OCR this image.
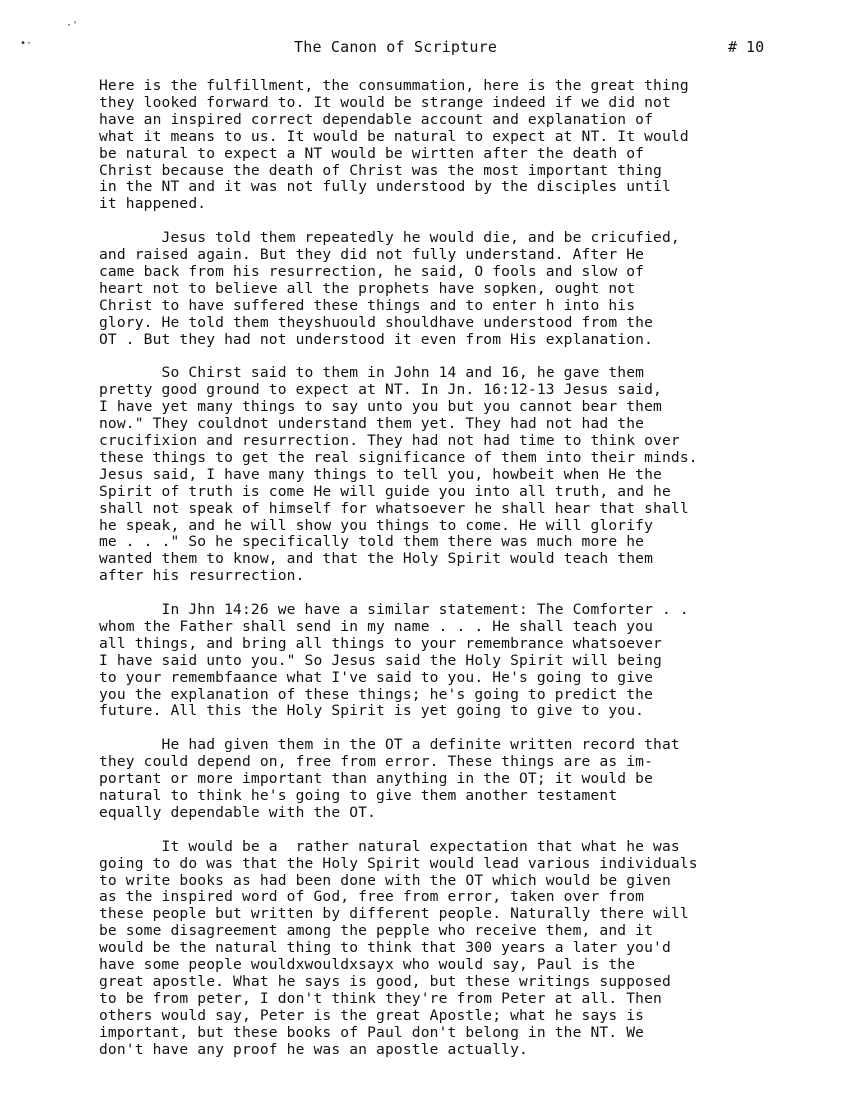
•·
·'
The Canon of Scripture	# 10
Here is the fulfillment, the consummation, here is the great thing
they looked forward to. It would be strange indeed if we did not
have an inspired correct dependable account and explanation of
what it means to us. It would be natural to expect at NT. It would
be natural to expect a NT would be wirtten after the death of
Christ because the death of Christ was the most important thing
in the NT and it was not fully understood by the disciples until
it happened.
Jesus told them repeatedly he would die, and be cricufied,
and raised again. But they did not fully understand. After He
came back from his resurrection, he said, O fools and slow of
heart not to believe all the prophets have sopken, ought not
Christ to have suffered these things and to enter h into his
glory. He told them theyshuould shouldhave understood from the
OT . But they had not understood it even from His explanation.
So Chirst said to them in John 14 and 16, he gave them
pretty good ground to expect at NT. In Jn. 16:12-13 Jesus said,
I have yet many things to say unto you but you cannot bear them
now." They couldnot understand them yet. They had not had the
crucifixion and resurrection. They had not had time to think over
these things to get the real significance of them into their minds.
Jesus said, I have many things to tell you, howbeit when He the
Spirit of truth is come He will guide you into all truth, and he
shall not speak of himself for whatsoever he shall hear that shall
he speak, and he will show you things to come. He will glorify
me . . ." So he specifically told them there was much more he
wanted them to know, and that the Holy Spirit would teach them
after his resurrection.
In Jhn 14:26 we have a similar statement: The Comforter . .
whom the Father shall send in my name . . . He shall teach you
all things, and bring all things to your remembrance whatsoever
I have said unto you." So Jesus said the Holy Spirit will being
to your remembfaance what I've said to you. He's going to give
you the explanation of these things; he's going to predict the
future. All this the Holy Spirit is yet going to give to you.
He had given them in the OT a definite written record that
they could depend on, free from error. These things are as im-
portant or more important than anything in the OT; it would be
natural to think he's going to give them another testament
equally dependable with the OT.
It would be a  rather natural expectation that what he was
going to do was that the Holy Spirit would lead various individuals
to write books as had been done with the OT which would be given
as the inspired word of God, free from error, taken over from
these people but written by different people. Naturally there will
be some disagreement among the pepple who receive them, and it
would be the natural thing to think that 300 years a later you'd
have some people wouldxwouldxsayx who would say, Paul is the
great apostle. What he says is good, but these writings supposed
to be from peter, I don't think they're from Peter at all. Then
others would say, Peter is the great Apostle; what he says is
important, but these books of Paul don't belong in the NT. We
don't have any proof he was an apostle actually.
